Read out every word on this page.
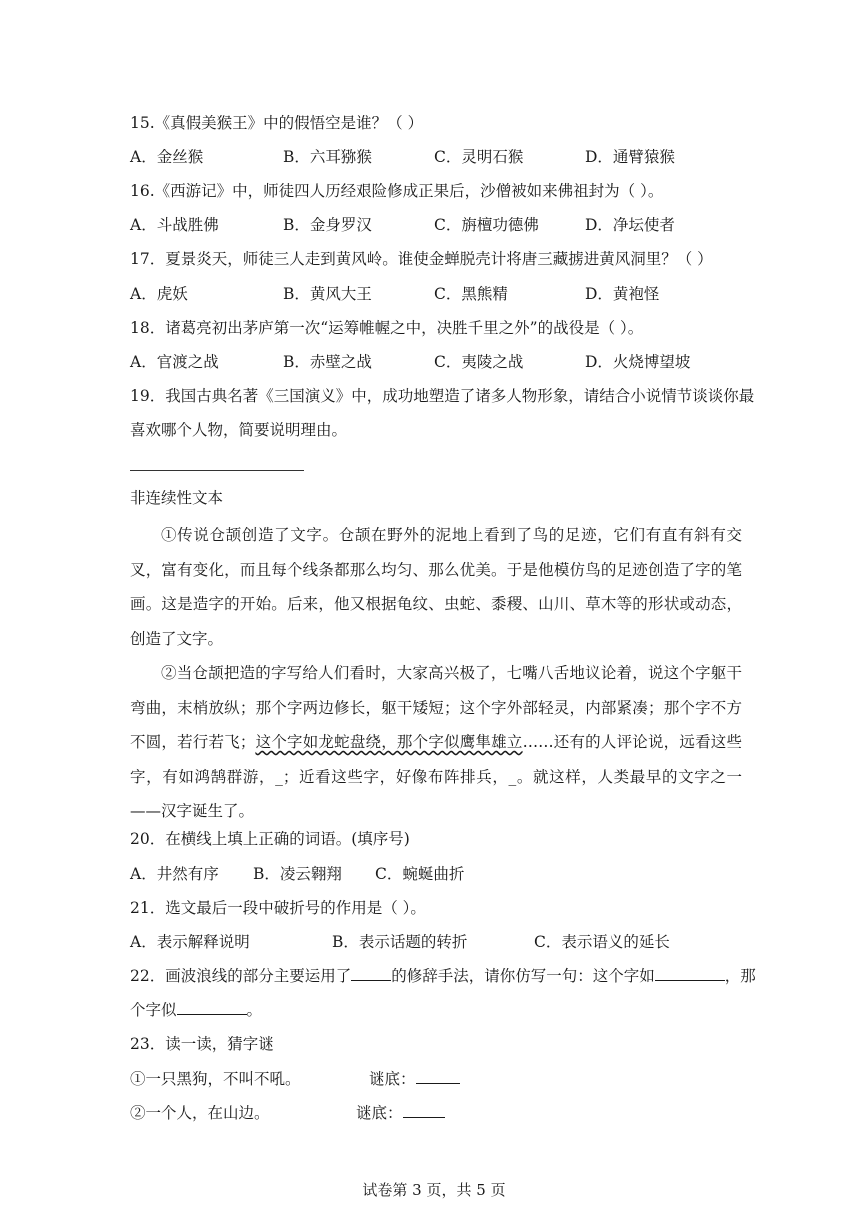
15.《真假美猴王》中的假悟空是谁？（ ）
A．金丝猴	B．六耳猕猴	C．灵明石猴	D．通臂猿猴
16.《西游记》中，师徒四人历经艰险修成正果后，沙僧被如来佛祖封为（ ）。
A．斗战胜佛	B．金身罗汉	C．旃檀功德佛	D．净坛使者
17．夏景炎天，师徒三人走到黄风岭。谁使金蝉脱壳计将唐三藏掳进黄风洞里？（ ）
A．虎妖	B．黄风大王	C．黑熊精	D．黄袍怪
18．诸葛亮初出茅庐第一次“运筹帷幄之中，决胜千里之外”的战役是（ ）。
A．官渡之战	B．赤壁之战	C．夷陵之战	D．火烧博望坡
19．我国古典名著《三国演义》中，成功地塑造了诸多人物形象，请结合小说情节谈谈你最
喜欢哪个人物，简要说明理由。
非连续性文本

①传说仓颉创造了文字。仓颉在野外的泥地上看到了鸟的足迹，它们有直有斜有交叉，富有变化，而且每个线条都那么均匀、那么优美。于是他模仿鸟的足迹创造了字的笔画。这是造字的开始。后来，他又根据龟纹、虫蛇、黍稷、山川、草木等的形状或动态，创造了文字。

②当仓颉把造的字写给人们看时，大家高兴极了，七嘴八舌地议论着，说这个字躯干弯曲，末梢放纵；那个字两边修长，躯干矮短；这个字外部轻灵，内部紧凑；那个字不方不圆，若行若飞；这个字如龙蛇盘绕，那个字似鹰隼雄立……还有的人评论说，远看这些字，有如鸿鹄群游，_；近看这些字，好像布阵排兵，_。就这样，人类最早的文字之一——汉字诞生了。

20．在横线上填上正确的词语。(填序号)
A．井然有序 B．凌云翱翔 C．蜿蜒曲折
21．选文最后一段中破折号的作用是（ ）。
A．表示解释说明	B．表示话题的转折	C．表示语义的延长
22．画波浪线的部分主要运用了	的修辞手法，请你仿写一句：这个字如	，那
个字似	。
23．读一读，猜字谜
①一只黑狗，不叫不吼。	谜底：
②一个人，在山边。	谜底：
试卷第 3 页，共 5 页
